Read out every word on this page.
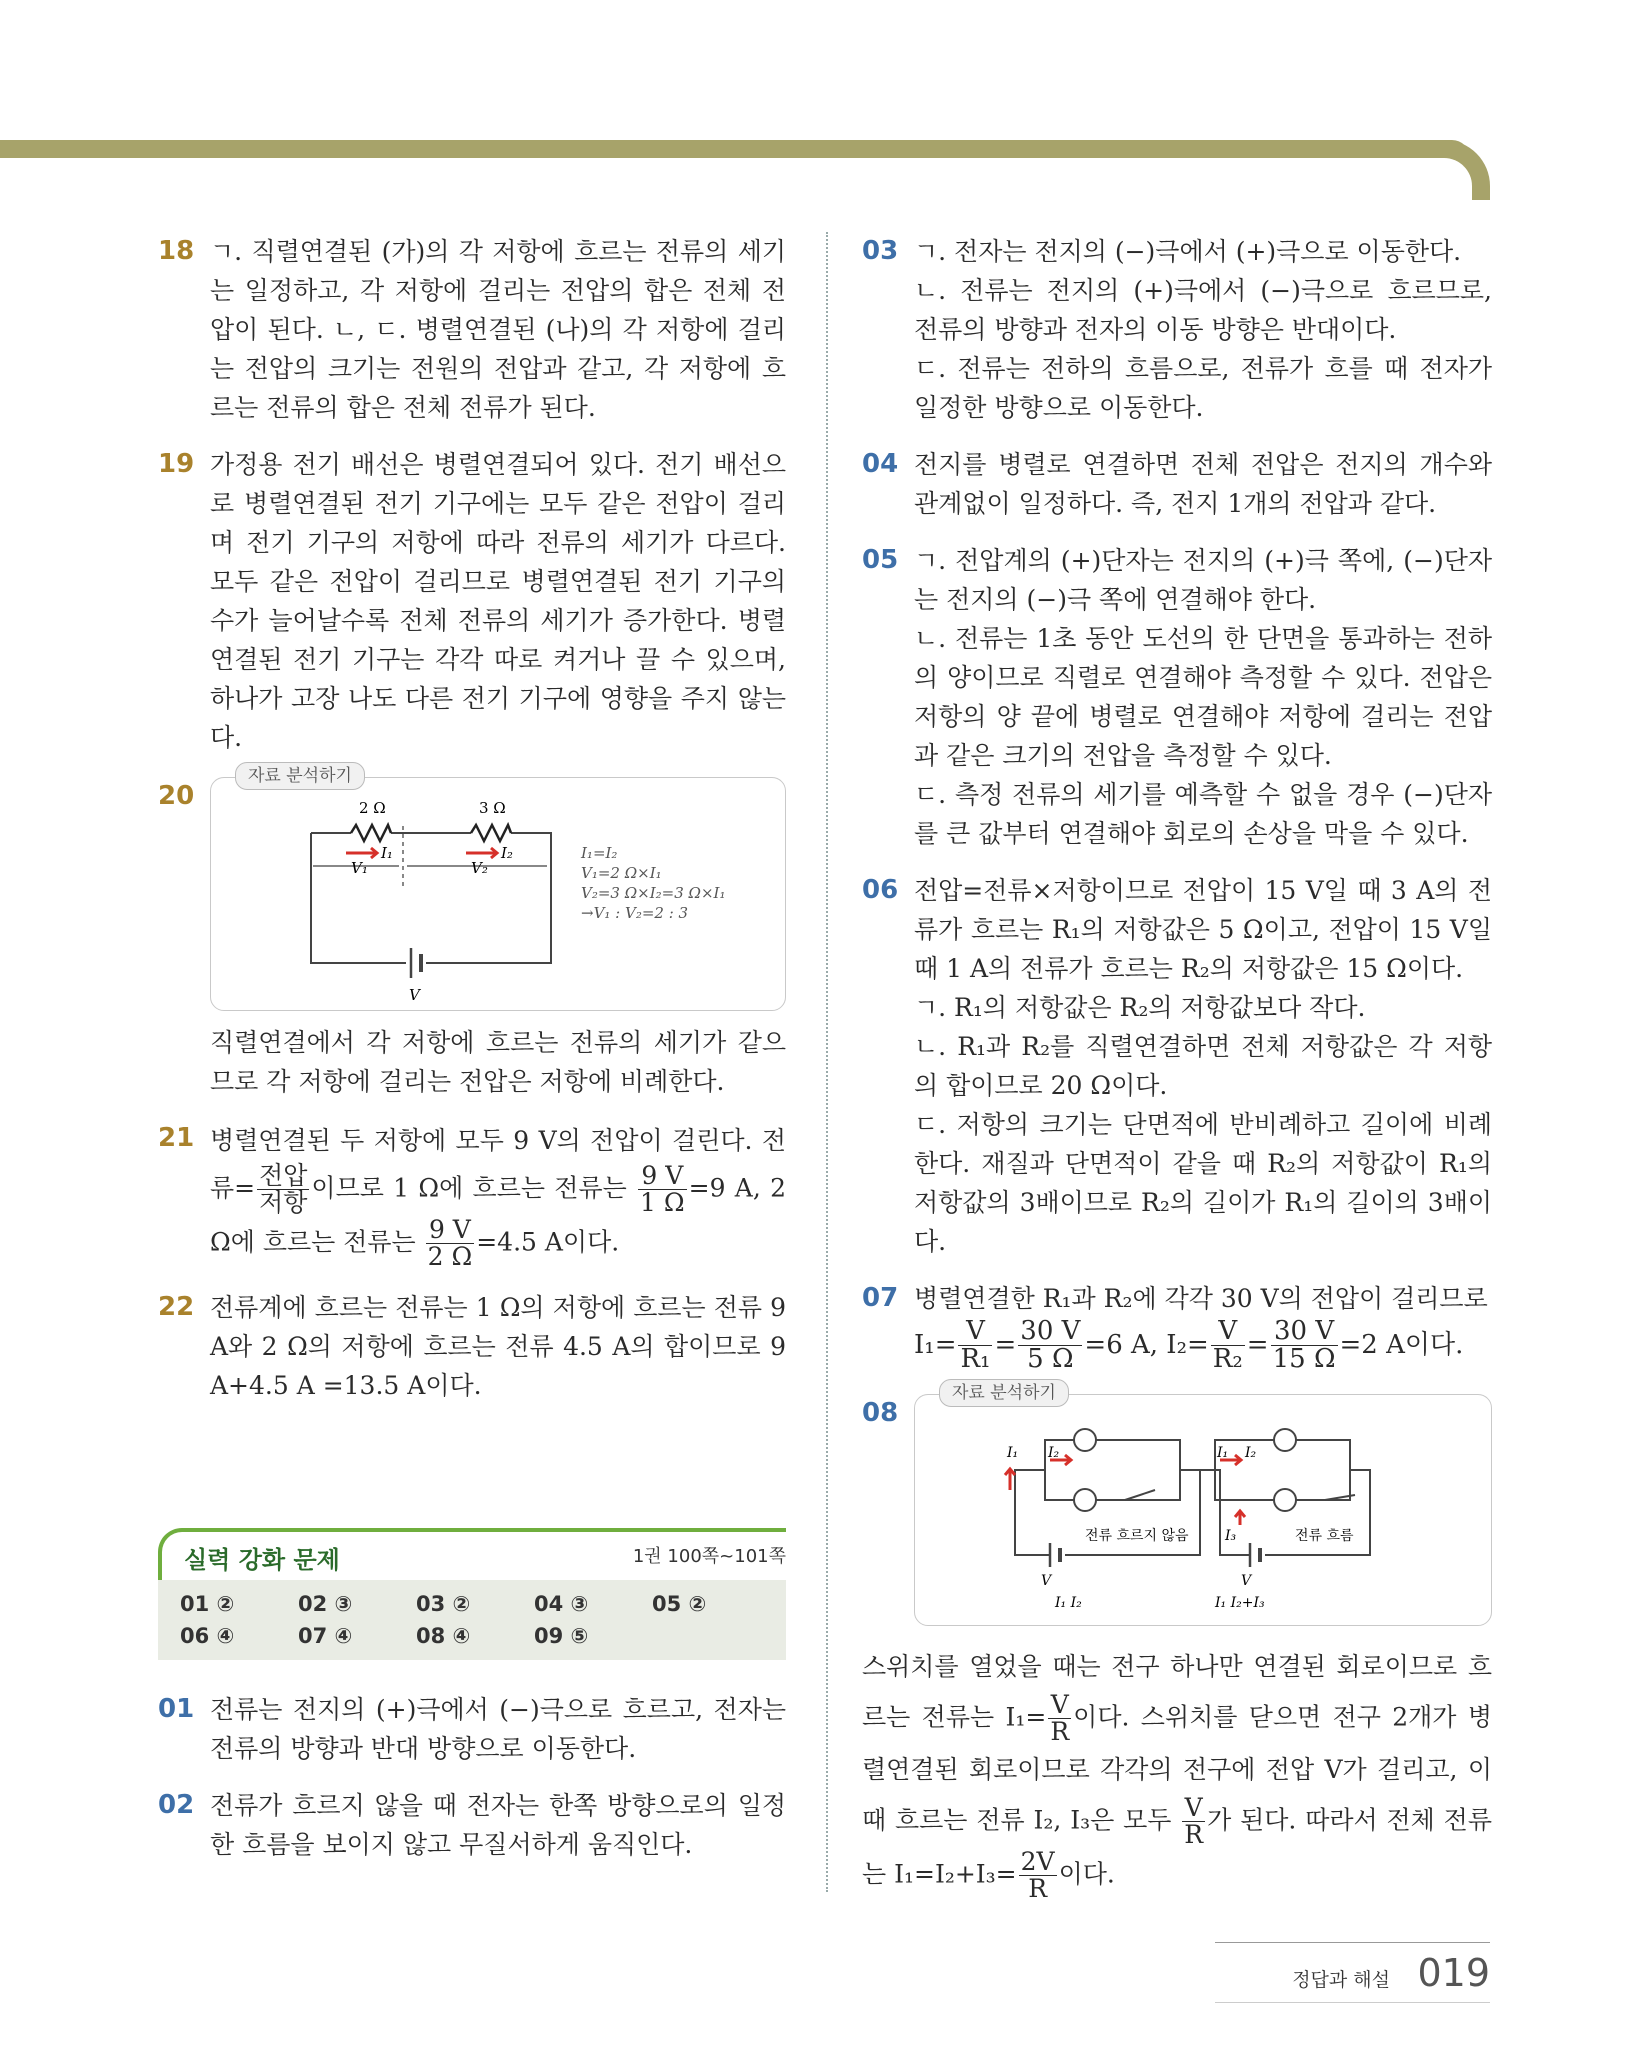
18 ㄱ. 직렬연결된 (가)의 각 저항에 흐르는 전류의 세기는 일정하고, 각 저항에 걸리는 전압의 합은 전체 전압이 된다. ㄴ, ㄷ. 병렬연결된 (나)의 각 저항에 걸리는 전압의 크기는 전원의 전압과 같고, 각 저항에 흐르는 전류의 합은 전체 전류가 된다.

19 가정용 전기 배선은 병렬연결되어 있다. 전기 배선으로 병렬연결된 전기 기구에는 모두 같은 전압이 걸리며 전기 기구의 저항에 따라 전류의 세기가 다르다. 모두 같은 전압이 걸리므로 병렬연결된 전기 기구의 수가 늘어날수록 전체 전류의 세기가 증가한다. 병렬연결된 전기 기구는 각각 따로 켜거나 끌 수 있으며, 하나가 고장 나도 다른 전기 기구에 영향을 주지 않는다.

20
자료 분석하기
2 Ω	3 Ω
I₁	I₂
V₁	V₂
V
I₁=I₂
V₁=2 Ω×I₁
V₂=3 Ω×I₂=3 Ω×I₁
→V₁ : V₂=2 : 3

직렬연결에서 각 저항에 흐르는 전류의 세기가 같으므로 각 저항에 걸리는 전압은 저항에 비례한다.

21 병렬연결된 두 저항에 모두 9 V의 전압이 걸린다. 전류= $\frac{\text{전압}}{\text{저항}}$ 이므로 1 Ω에 흐르는 전류는 $\frac{9 V}{1 \Omega} =9$ A, 2 Ω에 흐르는 전류는 $\frac{9 V}{2 \Omega} =4.5$ A이다.

22 전류계에 흐르는 전류는 1 Ω의 저항에 흐르는 전류 9 A와 2 Ω의 저항에 흐르는 전류 4.5 A의 합이므로 9 A+4.5 A =13.5 A이다.

실력 강화 문제	1권 100쪽~101쪽
01 ②	02 ③	03 ②	04 ③	05 ②
06 ④	07 ④	08 ④	09 ⑤
01 전류는 전지의 (+)극에서 (−)극으로 흐르고, 전자는 전류의 방향과 반대 방향으로 이동한다.

02 전류가 흐르지 않을 때 전자는 한쪽 방향으로의 일정한 흐름을 보이지 않고 무질서하게 움직인다.

03 ㄱ. 전자는 전지의 (−)극에서 (+)극으로 이동한다.

ㄴ. 전류는 전지의 (+)극에서 (−)극으로 흐르므로, 전류의 방향과 전자의 이동 방향은 반대이다.

ㄷ. 전류는 전하의 흐름으로, 전류가 흐를 때 전자가 일정한 방향으로 이동한다.

04 전지를 병렬로 연결하면 전체 전압은 전지의 개수와 관계없이 일정하다. 즉, 전지 1개의 전압과 같다.

05 ㄱ. 전압계의 (+)단자는 전지의 (+)극 쪽에, (−)단자는 전지의 (−)극 쪽에 연결해야 한다.

ㄴ. 전류는 1초 동안 도선의 한 단면을 통과하는 전하의 양이므로 직렬로 연결해야 측정할 수 있다. 전압은 저항의 양 끝에 병렬로 연결해야 저항에 걸리는 전압과 같은 크기의 전압을 측정할 수 있다.

ㄷ. 측정 전류의 세기를 예측할 수 없을 경우 (−)단자를 큰 값부터 연결해야 회로의 손상을 막을 수 있다.

06 전압=전류×저항이므로 전압이 15 V일 때 3 A의 전류가 흐르는 R₁의 저항값은 5 Ω이고, 전압이 15 V일 때 1 A의 전류가 흐르는 R₂의 저항값은 15 Ω이다.

ㄱ. R₁의 저항값은 R₂의 저항값보다 작다.

ㄴ. R₁과 R₂를 직렬연결하면 전체 저항값은 각 저항의 합이므로 20 Ω이다.

ㄷ. 저항의 크기는 단면적에 반비례하고 길이에 비례한다. 재질과 단면적이 같을 때 R₂의 저항값이 R₁의 저항값의 3배이므로 R₂의 길이가 R₁의 길이의 3배이다.

07 병렬연결한 R₁과 R₂에 각각 30 V의 전압이 걸리므로

$I_1= \frac{V}{\text{R₁}} = \frac{30 V}{5 \Omega} =6$ A, $I_2= \frac{V}{\text{R₂}} = \frac{30 V}{15 \Omega} =2$ A이다.

08
자료 분석하기
I₁ I₂	I₁ I₂
I₃
V	V
전류 흐르지 않음	전류 흐름
I₁ I₂	I₁ I₂+I₃

스위치를 열었을 때는 전구 하나만 연결된 회로이므로 흐르는 전류는 $I_1= \frac{V}{R}$ 이다. 스위치를 닫으면 전구 2개가 병렬연결된 회로이므로 각각의 전구에 전압 V가 걸리고, 이때 흐르는 전류 I₂, I₃은 모두 $\frac{V}{R}$ 가 된다. 따라서 전체 전류는 $I_1=I_2+I_3= \frac{2V}{R}$ 이다.

정답과 해설 019
